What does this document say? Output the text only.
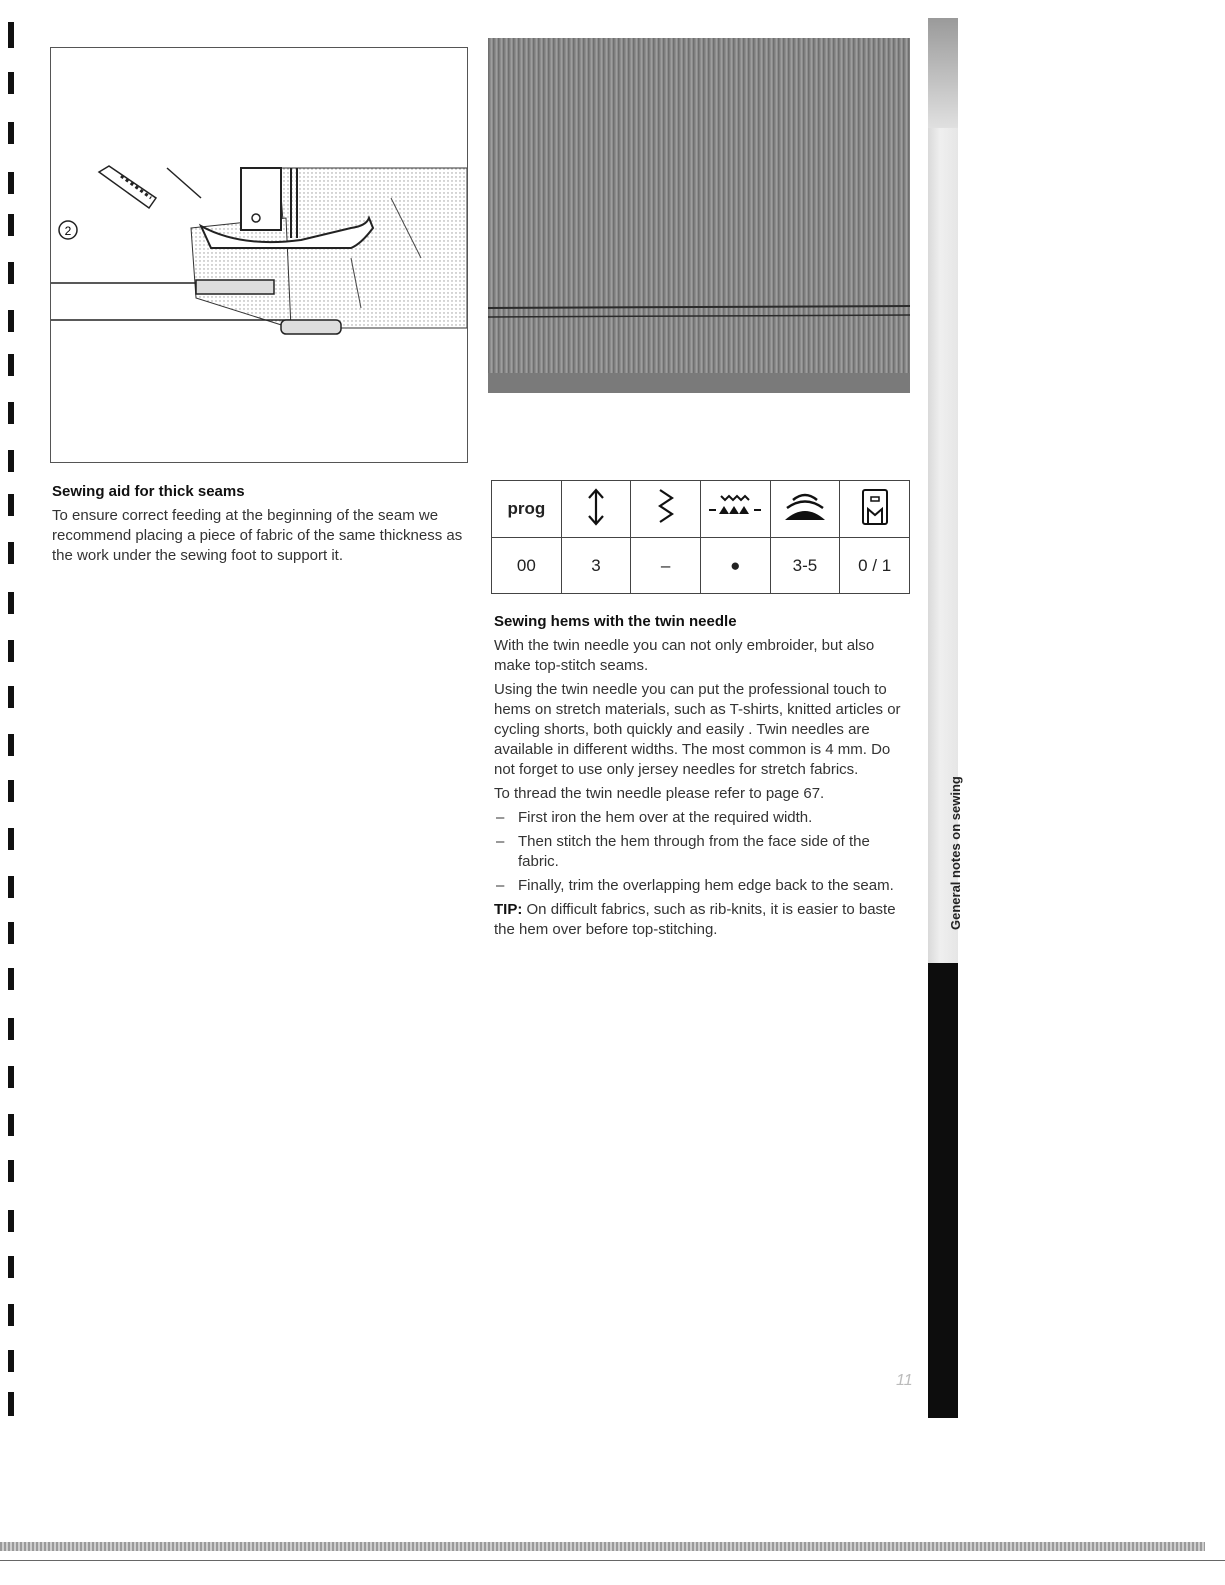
2
Sewing aid for thick seams

To ensure correct feeding at the beginning of the seam we recommend placing a piece of fabric of the same thickness as the work under the sewing foot to support it.

prog					
00	3	–	●	3-5	0 / 1
Sewing hems with the twin needle

With the twin needle you can not only embroider, but also make top-stitch seams.

Using the twin needle you can put the professional touch to hems on stretch materials, such as T-shirts, knitted articles or cycling shorts, both quickly and easily . Twin needles are available in different widths. The most common is 4 mm. Do not forget to use only jersey needles for stretch fabrics.

To thread the twin needle please refer to page 67.

– First iron the hem over at the required width.
– Then stitch the hem through from the face side of the fabric.
– Finally, trim the overlapping hem edge back to the seam.

TIP: On difficult fabrics, such as rib-knits, it is easier to baste the hem over before top-stitching.	General notes on sewing
11
